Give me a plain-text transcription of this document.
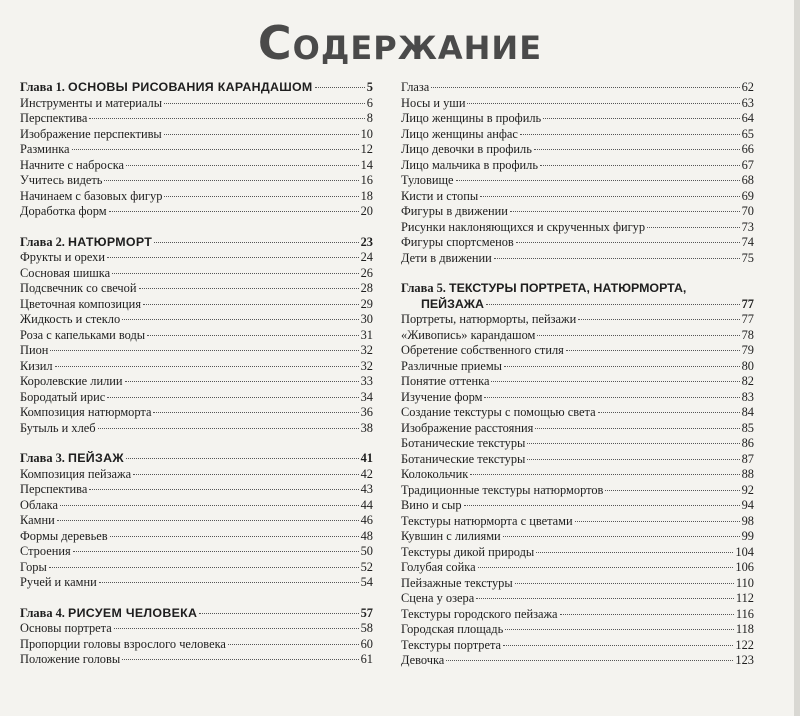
Содержание
Глава 1. ОСНОВЫ РИСОВАНИЯ КАРАНДАШОМ	5
Инструменты и материалы	6
Перспектива	8
Изображение перспективы	10
Разминка	12
Начните с наброска	14
Учитесь видеть	16
Начинаем с базовых фигур	18
Доработка форм	20
Глава 2. НАТЮРМОРТ	23
Фрукты и орехи	24
Сосновая шишка	26
Подсвечник со свечой	28
Цветочная композиция	29
Жидкость и стекло	30
Роза с капельками воды	31
Пион	32
Кизил	32
Королевские лилии	33
Бородатый ирис	34
Композиция натюрморта	36
Бутыль и хлеб	38
Глава 3. ПЕЙЗАЖ	41
Композиция пейзажа	42
Перспектива	43
Облака	44
Камни	46
Формы деревьев	48
Строения	50
Горы	52
Ручей и камни	54
Глава 4. РИСУЕМ ЧЕЛОВЕКА	57
Основы портрета	58
Пропорции головы взрослого человека	60
Положение головы	61
Глаза	62
Носы и уши	63
Лицо женщины в профиль	64
Лицо женщины анфас	65
Лицо девочки в профиль	66
Лицо мальчика в профиль	67
Туловище	68
Кисти и стопы	69
Фигуры в движении	70
Рисунки наклоняющихся и скрученных фигур	73
Фигуры спортсменов	74
Дети в движении	75
Глава 5. ТЕКСТУРЫ ПОРТРЕТА, НАТЮРМОРТА,
ПЕЙЗАЖА	77
Портреты, натюрморты, пейзажи	77
«Живопись» карандашом	78
Обретение собственного стиля	79
Различные приемы	80
Понятие оттенка	82
Изучение форм	83
Создание текстуры с помощью света	84
Изображение расстояния	85
Ботанические текстуры	86
Ботанические текстуры	87
Колокольчик	88
Традиционные текстуры натюрмортов	92
Вино и сыр	94
Текстуры натюрморта с цветами	98
Кувшин с лилиями	99
Текстуры дикой природы	104
Голубая сойка	106
Пейзажные текстуры	110
Сцена у озера	112
Текстуры городского пейзажа	116
Городская площадь	118
Текстуры портрета	122
Девочка	123
